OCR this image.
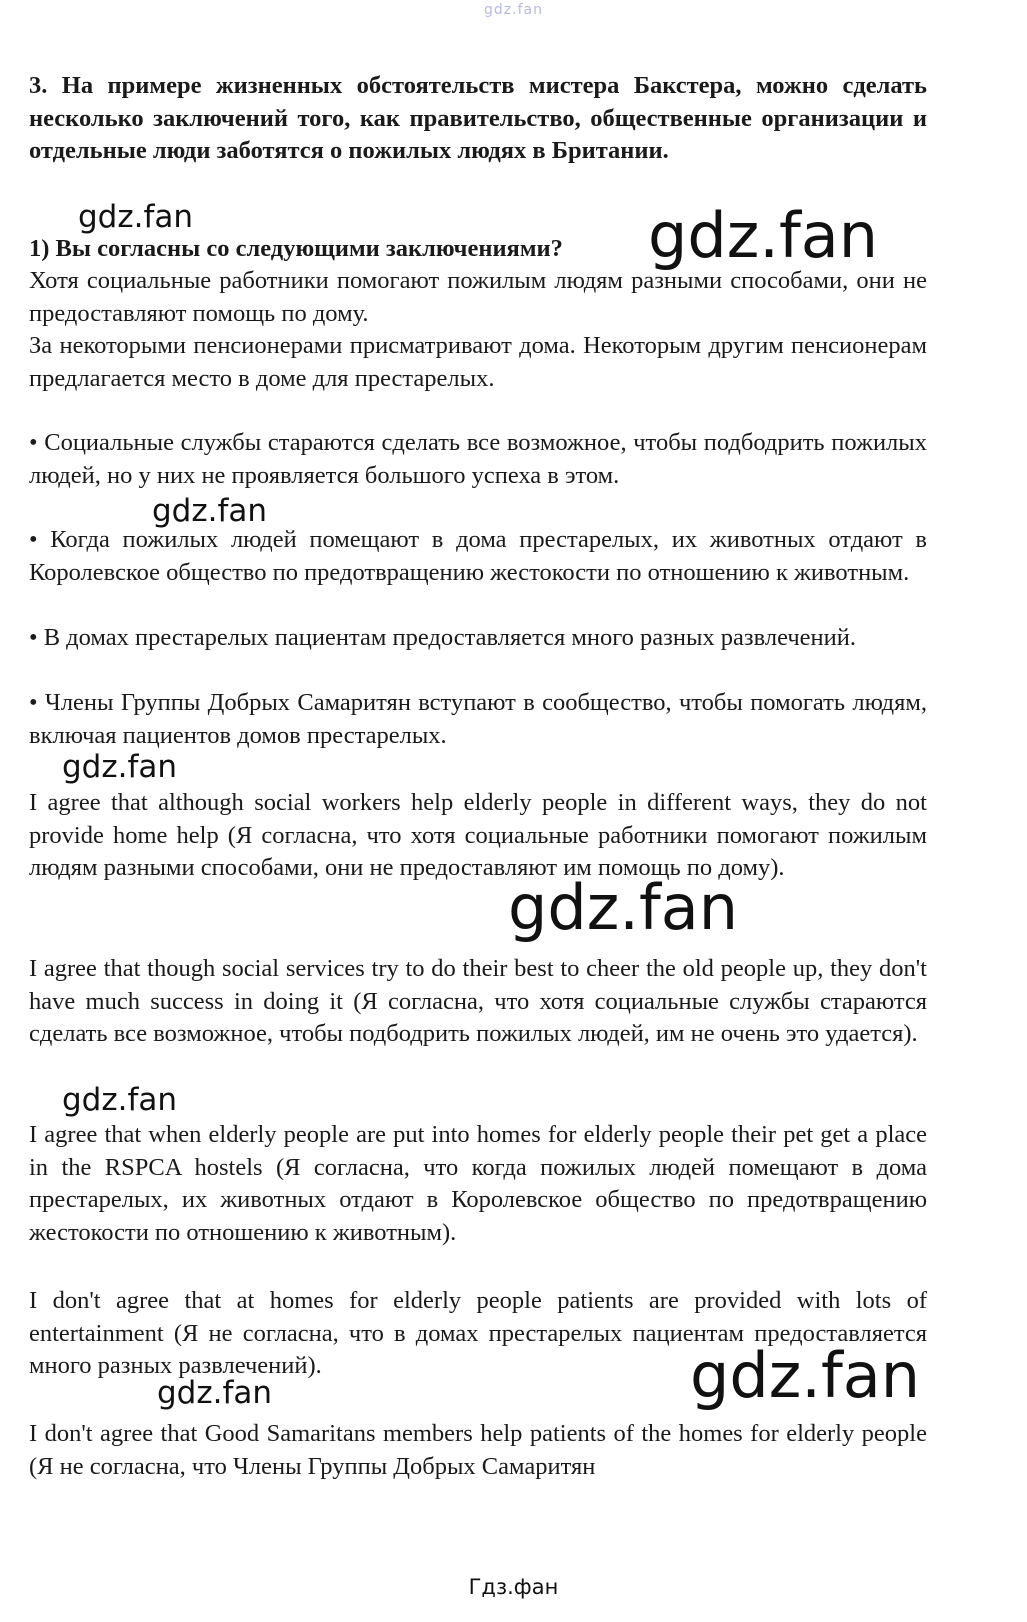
gdz.fan

3. На примере жизненных обстоятельств мистера Бакстера, можно сделать несколько заключений того, как правительство, общественные организации и отдельные люди заботятся о пожилых людях в Британии.

1) Вы согласны со следующими заключениями?

Хотя социальные работники помогают пожилым людям разными способами, они не предоставляют помощь по дому.

За некоторыми пенсионерами присматривают дома. Некоторым другим пенсионерам предлагается место в доме для престарелых.

• Социальные службы стараются сделать все возможное, чтобы подбодрить пожилых людей, но у них не проявляется большого успеха в этом.

• Когда пожилых людей помещают в дома престарелых, их животных отдают в Королевское общество по предотвращению жестокости по отношению к животным.

• В домах престарелых пациентам предоставляется много разных развлечений.

• Члены Группы Добрых Самаритян вступают в сообщество, чтобы помогать людям, включая пациентов домов престарелых.

I agree that although social workers help elderly people in different ways, they do not provide home help (Я согласна, что хотя социальные работники помогают пожилым людям разными способами, они не предоставляют им помощь по дому).

I agree that though social services try to do their best to cheer the old people up, they don't have much success in doing it (Я согласна, что хотя социальные службы стараются сделать все возможное, чтобы подбодрить пожилых людей, им не очень это удается).

I agree that when elderly people are put into homes for elderly people their pet get a place in the RSPCA hostels (Я согласна, что когда пожилых людей помещают в дома престарелых, их животных отдают в Королевское общество по предотвращению жестокости по отношению к животным).

I don't agree that at homes for elderly people patients are provided with lots of entertainment (Я не согласна, что в домах престарелых пациентам предоставляется много разных развлечений).

I don't agree that Good Samaritans members help patients of the homes for elderly people (Я не согласна, что Члены Группы Добрых Самаритян

gdz.fan	gdz.fan
gdz.fan
gdz.fan
gdz.fan
gdz.fan
gdz.fan	gdz.fan
Гдз.фан
